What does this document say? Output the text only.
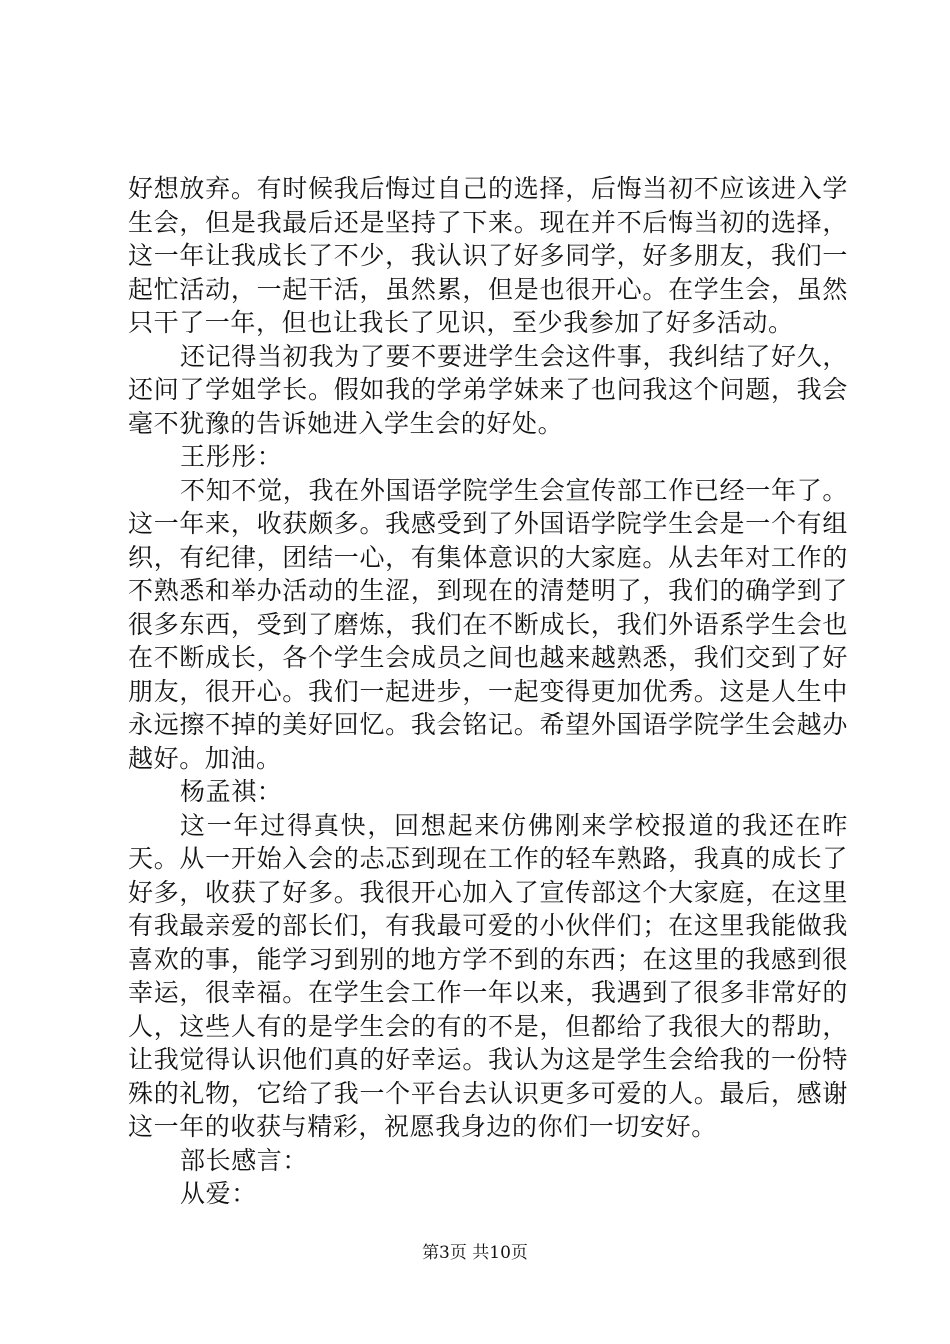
好想放弃。有时候我后悔过自己的选择，后悔当初不应该进入学生会，但是我最后还是坚持了下来。现在并不后悔当初的选择，这一年让我成长了不少，我认识了好多同学，好多朋友，我们一起忙活动，一起干活，虽然累，但是也很开心。在学生会，虽然只干了一年，但也让我长了见识，至少我参加了好多活动。

还记得当初我为了要不要进学生会这件事，我纠结了好久，还问了学姐学长。假如我的学弟学妹来了也问我这个问题，我会毫不犹豫的告诉她进入学生会的好处。

王彤彤：

不知不觉，我在外国语学院学生会宣传部工作已经一年了。这一年来，收获颇多。我感受到了外国语学院学生会是一个有组织，有纪律，团结一心，有集体意识的大家庭。从去年对工作的不熟悉和举办活动的生涩，到现在的清楚明了，我们的确学到了很多东西，受到了磨炼，我们在不断成长，我们外语系学生会也在不断成长，各个学生会成员之间也越来越熟悉，我们交到了好朋友，很开心。我们一起进步，一起变得更加优秀。这是人生中永远擦不掉的美好回忆。我会铭记。希望外国语学院学生会越办越好。加油。

杨孟祺：

这一年过得真快，回想起来仿佛刚来学校报道的我还在昨天。从一开始入会的忐忑到现在工作的轻车熟路，我真的成长了好多，收获了好多。我很开心加入了宣传部这个大家庭，在这里有我最亲爱的部长们，有我最可爱的小伙伴们；在这里我能做我喜欢的事，能学习到别的地方学不到的东西；在这里的我感到很幸运，很幸福。在学生会工作一年以来，我遇到了很多非常好的人，这些人有的是学生会的有的不是，但都给了我很大的帮助，让我觉得认识他们真的好幸运。我认为这是学生会给我的一份特殊的礼物，它给了我一个平台去认识更多可爱的人。最后，感谢这一年的收获与精彩，祝愿我身边的你们一切安好。

部长感言：

从爱：

第3页 共10页
